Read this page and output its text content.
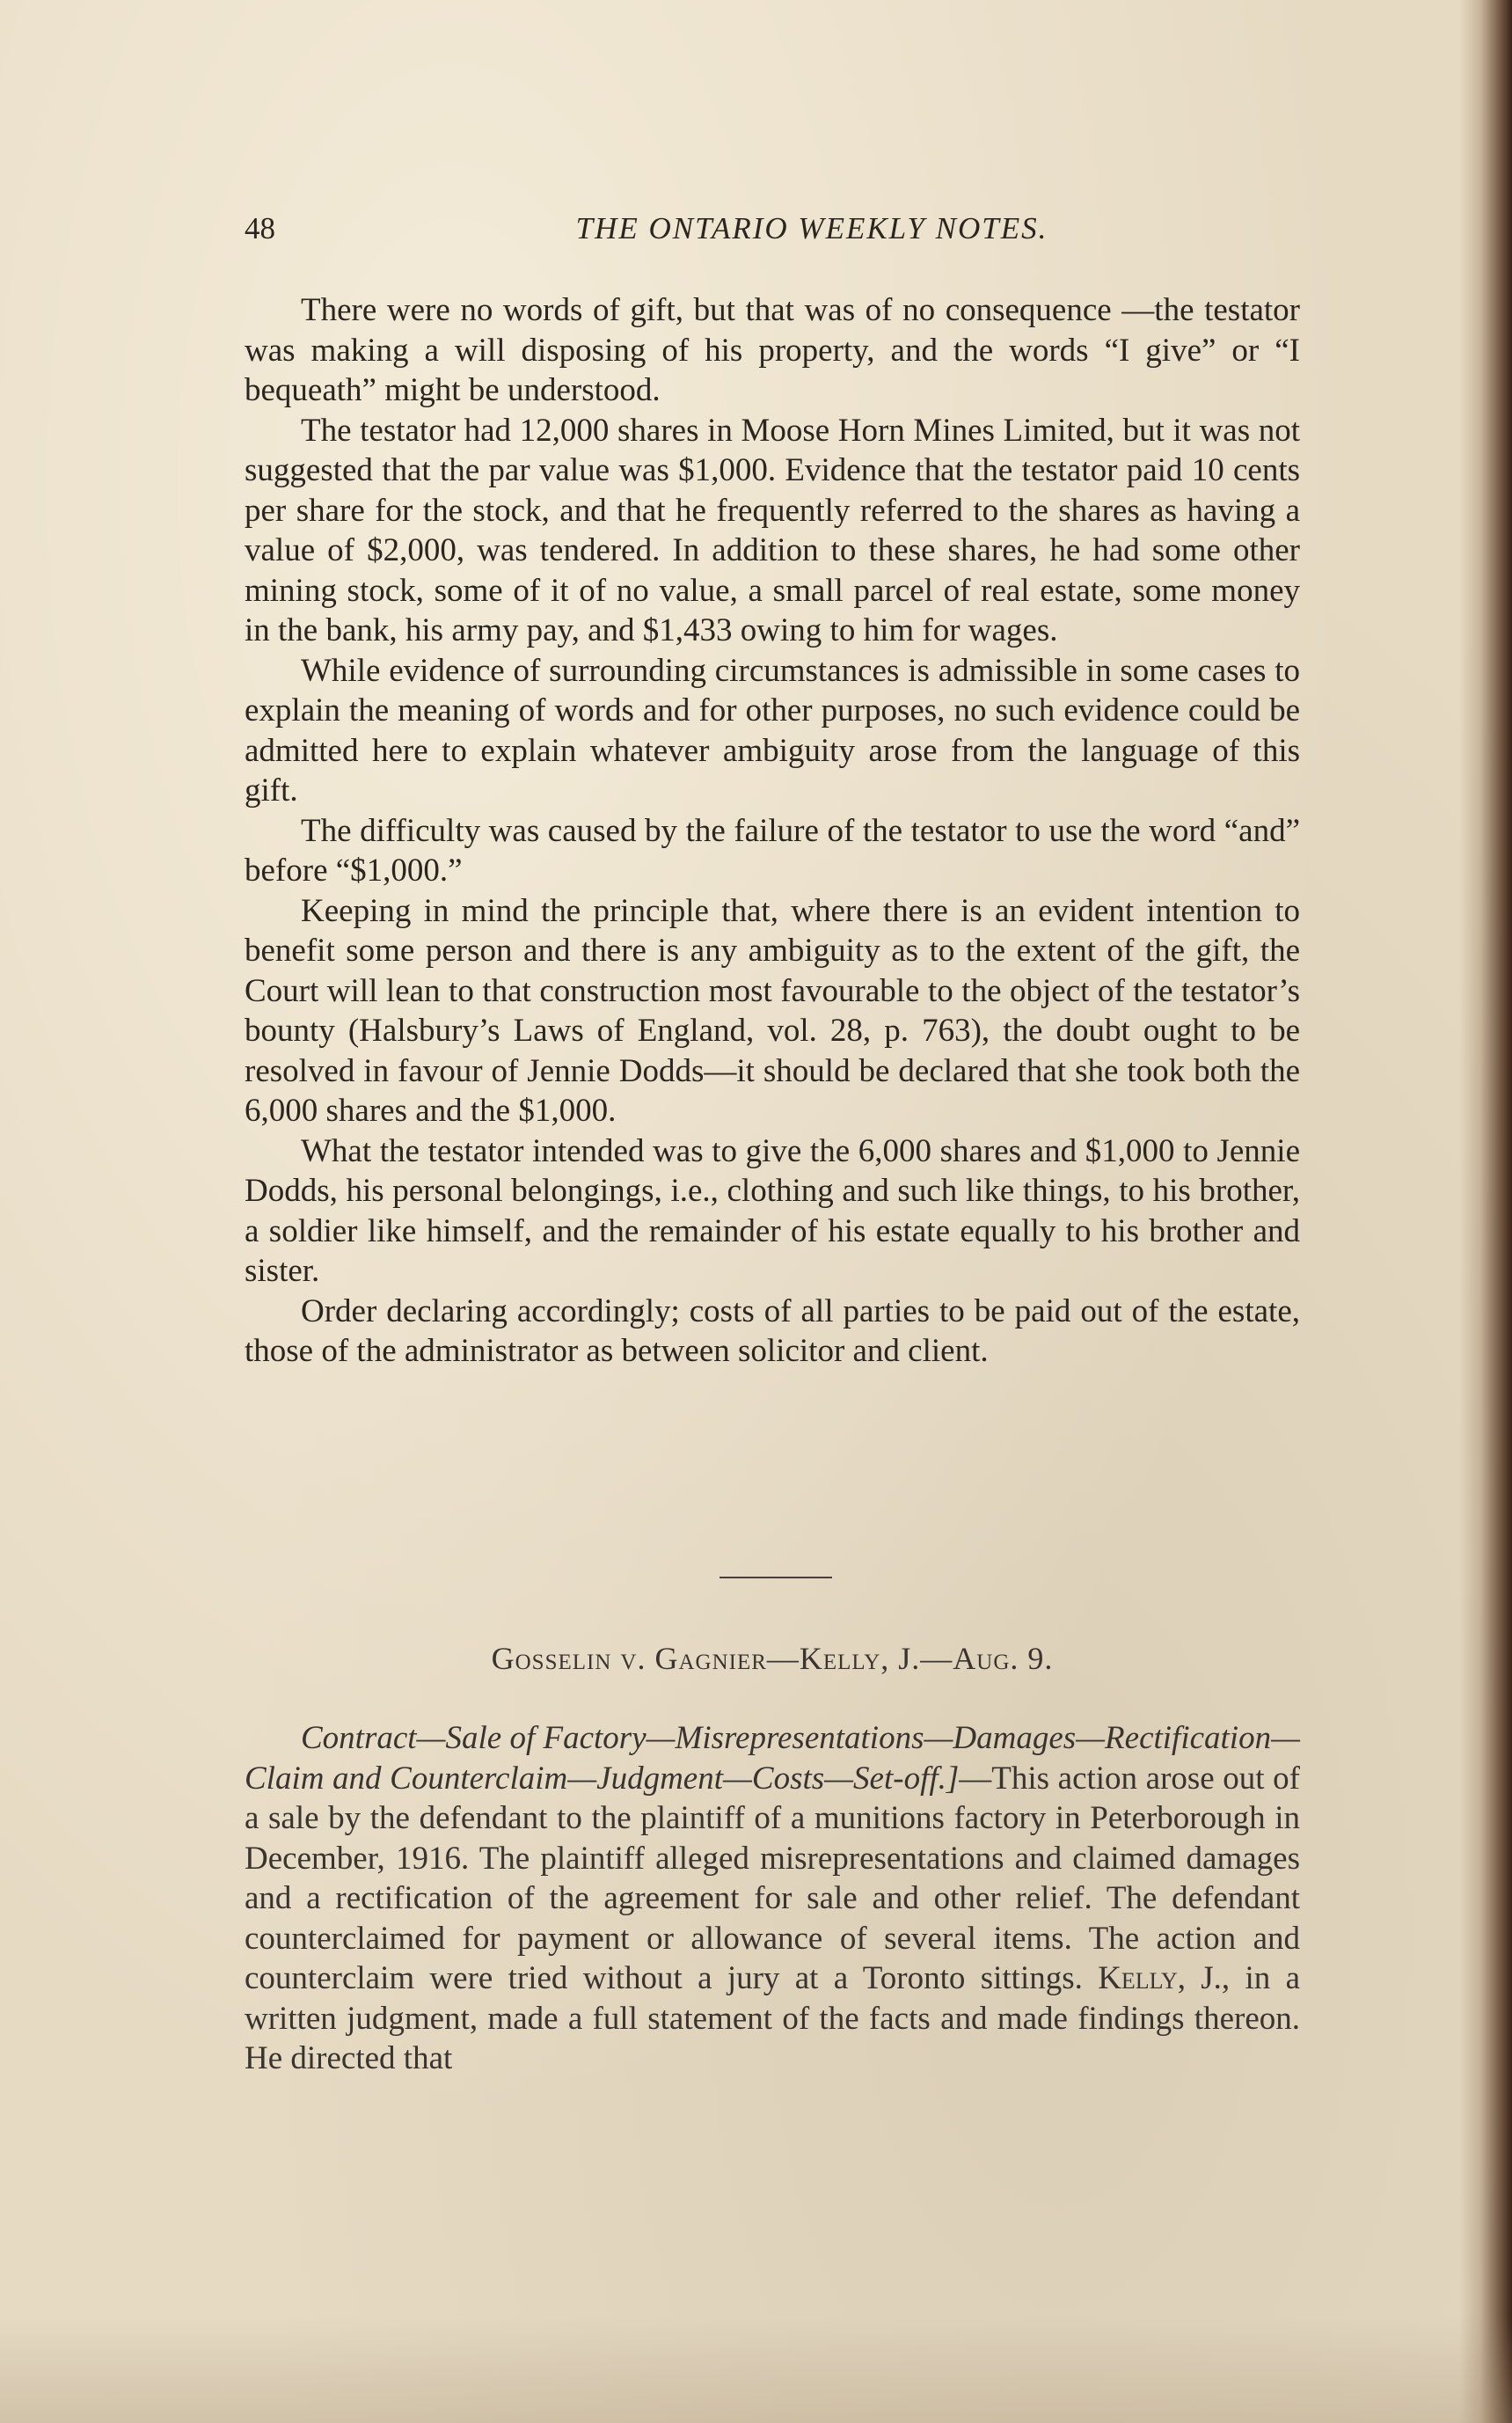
48	THE ONTARIO WEEKLY NOTES.

There were no words of gift, but that was of no consequence —the testator was making a will disposing of his property, and the words “I give” or “I bequeath” might be understood.

The testator had 12,000 shares in Moose Horn Mines Limited, but it was not suggested that the par value was $1,000. Evidence that the testator paid 10 cents per share for the stock, and that he frequently referred to the shares as having a value of $2,000, was tendered. In addition to these shares, he had some other mining stock, some of it of no value, a small parcel of real estate, some money in the bank, his army pay, and $1,433 owing to him for wages.

While evidence of surrounding circumstances is admissible in some cases to explain the meaning of words and for other purposes, no such evidence could be admitted here to explain whatever ambiguity arose from the language of this gift.

The difficulty was caused by the failure of the testator to use the word “and” before “$1,000.”

Keeping in mind the principle that, where there is an evident intention to benefit some person and there is any ambiguity as to the extent of the gift, the Court will lean to that construction most favourable to the object of the testator’s bounty (Halsbury’s Laws of England, vol. 28, p. 763), the doubt ought to be resolved in favour of Jennie Dodds—it should be declared that she took both the 6,000 shares and the $1,000.

What the testator intended was to give the 6,000 shares and $1,000 to Jennie Dodds, his personal belongings, i.e., clothing and such like things, to his brother, a soldier like himself, and the remainder of his estate equally to his brother and sister.

Order declaring accordingly; costs of all parties to be paid out of the estate, those of the administrator as between solicitor and client.

Gosselin v. Gagnier—Kelly, J.—Aug. 9.

Contract—Sale of Factory—Misrepresentations—Damages—Rectification—Claim and Counterclaim—Judgment—Costs—Set-off.]—This action arose out of a sale by the defendant to the plaintiff of a munitions factory in Peterborough in December, 1916. The plaintiff alleged misrepresentations and claimed damages and a rectification of the agreement for sale and other relief. The defendant counterclaimed for payment or allowance of several items. The action and counterclaim were tried without a jury at a Toronto sittings. Kelly, J., in a written judgment, made a full statement of the facts and made findings thereon. He directed that
